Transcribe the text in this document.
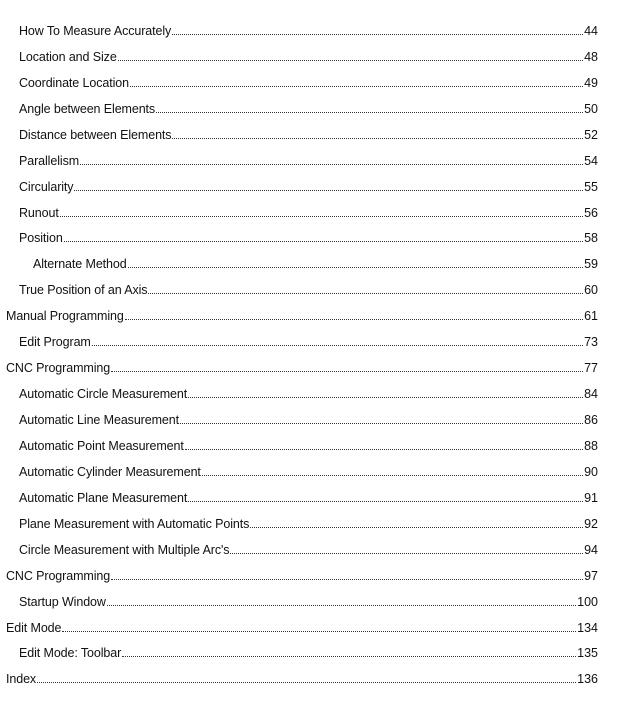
How To Measure Accurately	44
Location and Size	48
Coordinate Location	49
Angle between Elements	50
Distance between Elements	52
Parallelism	54
Circularity	55
Runout	56
Position	58
Alternate Method	59
True Position of an Axis	60
Manual Programming	61
Edit Program	73
CNC Programming	77
Automatic Circle Measurement	84
Automatic Line Measurement	86
Automatic Point Measurement	88
Automatic Cylinder Measurement	90
Automatic Plane Measurement	91
Plane Measurement with Automatic Points	92
Circle Measurement with Multiple Arc's	94
CNC Programming	97
Startup Window	100
Edit Mode	134
Edit Mode: Toolbar	135
Index	136
